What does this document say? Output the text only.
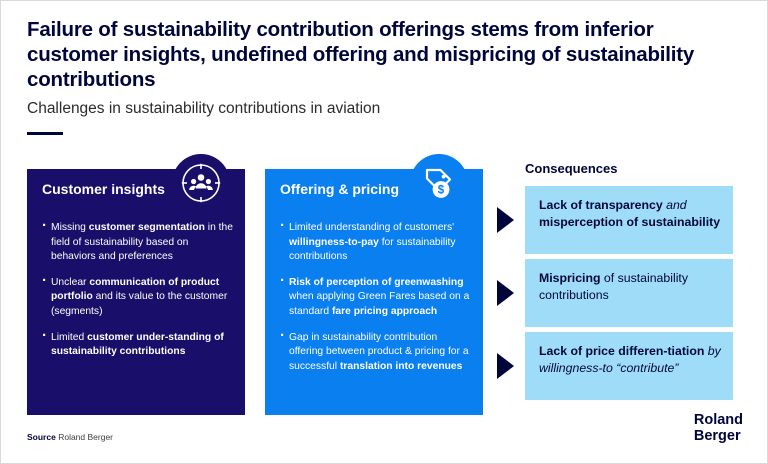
Failure of sustainability contribution offerings stems from inferior customer insights, undefined offering and mispricing of sustainability contributions
Challenges in sustainability contributions in aviation
Customer insights
· Missing customer segmentation in the field of sustainability based on behaviors and preferences
· Unclear communication of product portfolio and its value to the customer (segments)
· Limited customer under-standing of sustainability contributions
Offering & pricing
· Limited understanding of customers' willingness-to-pay for sustainability contributions
· Risk of perception of greenwashing when applying Green Fares based on a standard fare pricing approach
· Gap in sustainability contribution offering between product & pricing for a successful translation into revenues
$
Consequences
Lack of transparency and misperception of sustainability
Mispricing of sustainability contributions
Lack of price differen-tiation by willingness-to “contribute”
Source Roland Berger
Roland
Berger
